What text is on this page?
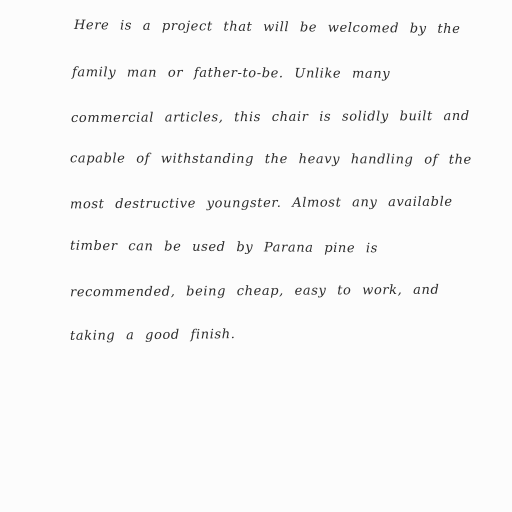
Here is a project that will be welcomed by the
family man or father-to-be. Unlike many
commercial articles, this chair is solidly built and
capable of withstanding the heavy handling of the
most destructive youngster. Almost any available
timber can be used by Parana pine is
recommended, being cheap, easy to work, and
taking a good finish.
